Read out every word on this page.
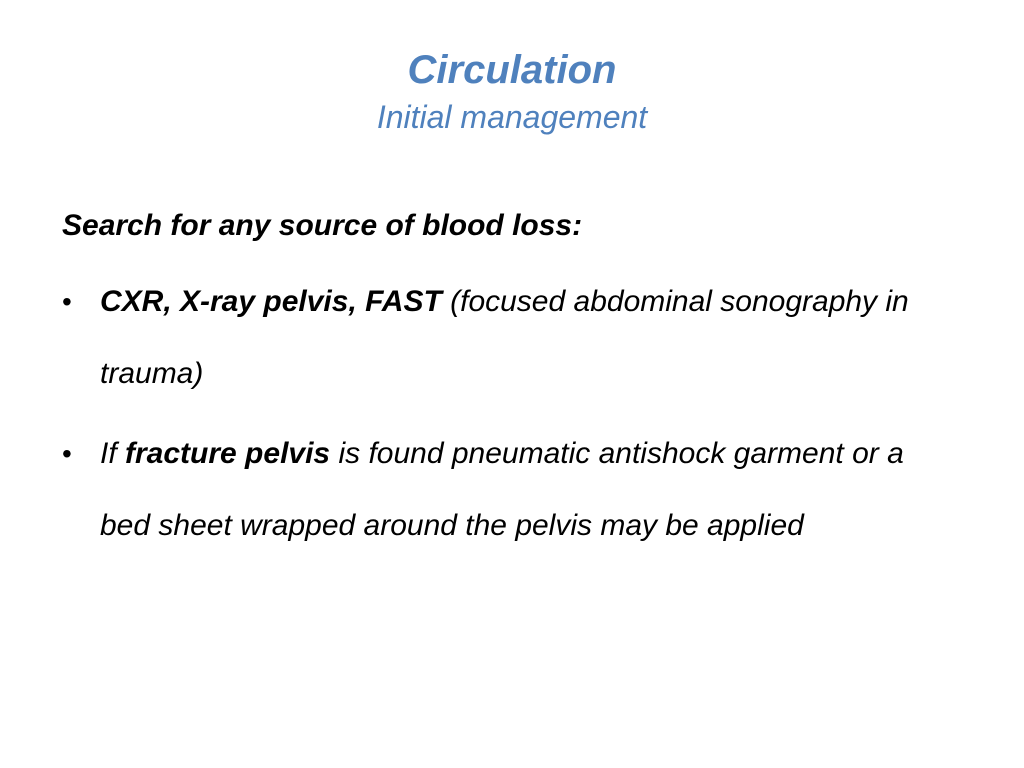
Circulation
Initial management

Search for any source of blood loss:

• CXR, X-ray pelvis, FAST (focused abdominal sonography in trauma)
• If fracture pelvis is found pneumatic antishock garment or a bed sheet wrapped around the pelvis may be applied
